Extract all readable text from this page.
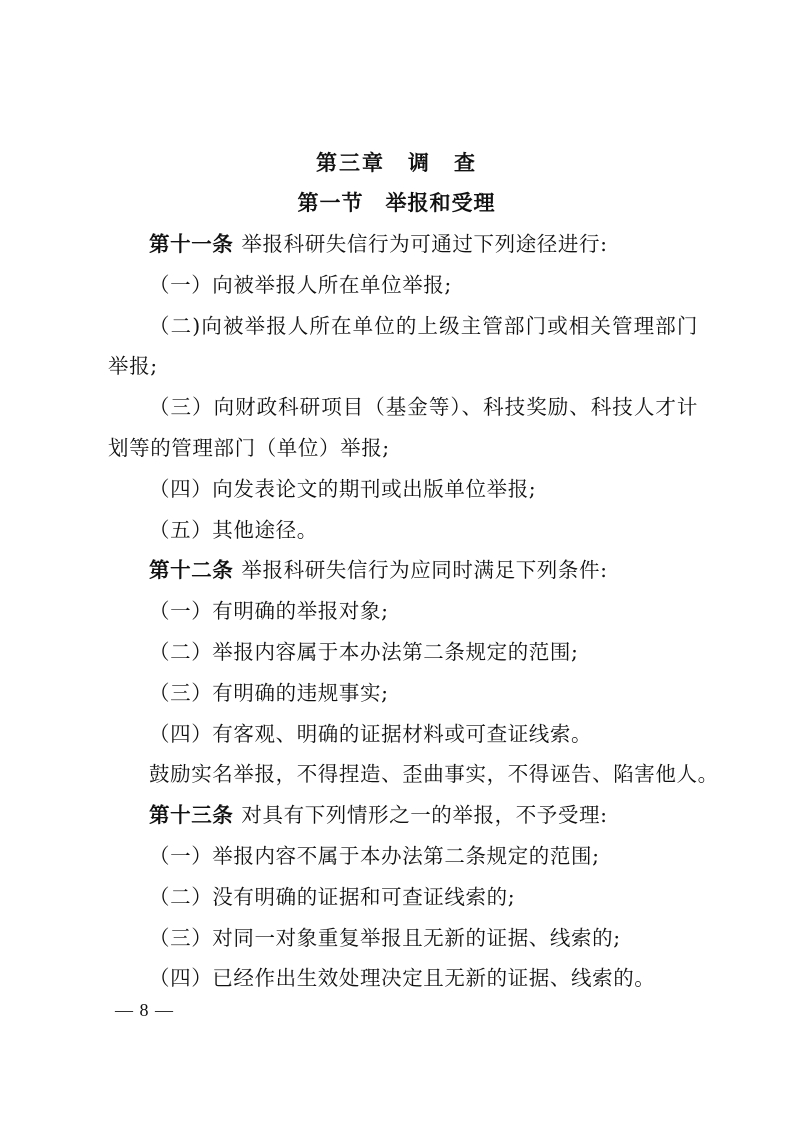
第三章　调　查
第一节　举报和受理
第十一条 举报科研失信行为可通过下列途径进行:
（一）向被举报人所在单位举报;
（二)向被举报人所在单位的上级主管部门或相关管理部门
举报;
（三）向财政科研项目（基金等）、科技奖励、科技人才计
划等的管理部门（单位）举报;
（四）向发表论文的期刊或出版单位举报;
（五）其他途径。
第十二条 举报科研失信行为应同时满足下列条件:
（一）有明确的举报对象;
（二）举报内容属于本办法第二条规定的范围;
（三）有明确的违规事实;
（四）有客观、明确的证据材料或可查证线索。
鼓励实名举报，不得捏造、歪曲事实，不得诬告、陷害他人。
第十三条 对具有下列情形之一的举报，不予受理:
（一）举报内容不属于本办法第二条规定的范围;
（二）没有明确的证据和可查证线索的;
（三）对同一对象重复举报且无新的证据、线索的;
（四）已经作出生效处理决定且无新的证据、线索的。
— 8 —
